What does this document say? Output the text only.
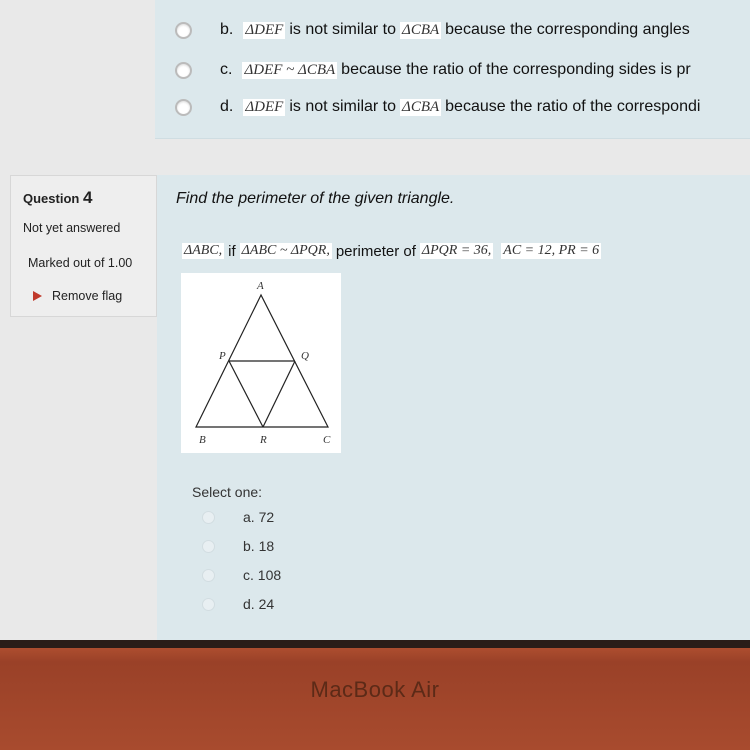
b. ΔDEF is not similar to ΔCBA because the corresponding angles
c. ΔDEF ~ ΔCBA because the ratio of the corresponding sides is pr
d. ΔDEF is not similar to ΔCBA because the ratio of the correspondi
Question 4
Not yet answered
Marked out of 1.00
Remove flag
Find the perimeter of the given triangle.
ΔABC, if ΔABC ~ ΔPQR, perimeter of ΔPQR = 36, AC = 12, PR = 6
A
P	Q
B	R	C
Select one:
a. 72
b. 18
c. 108
d. 24
MacBook Air
